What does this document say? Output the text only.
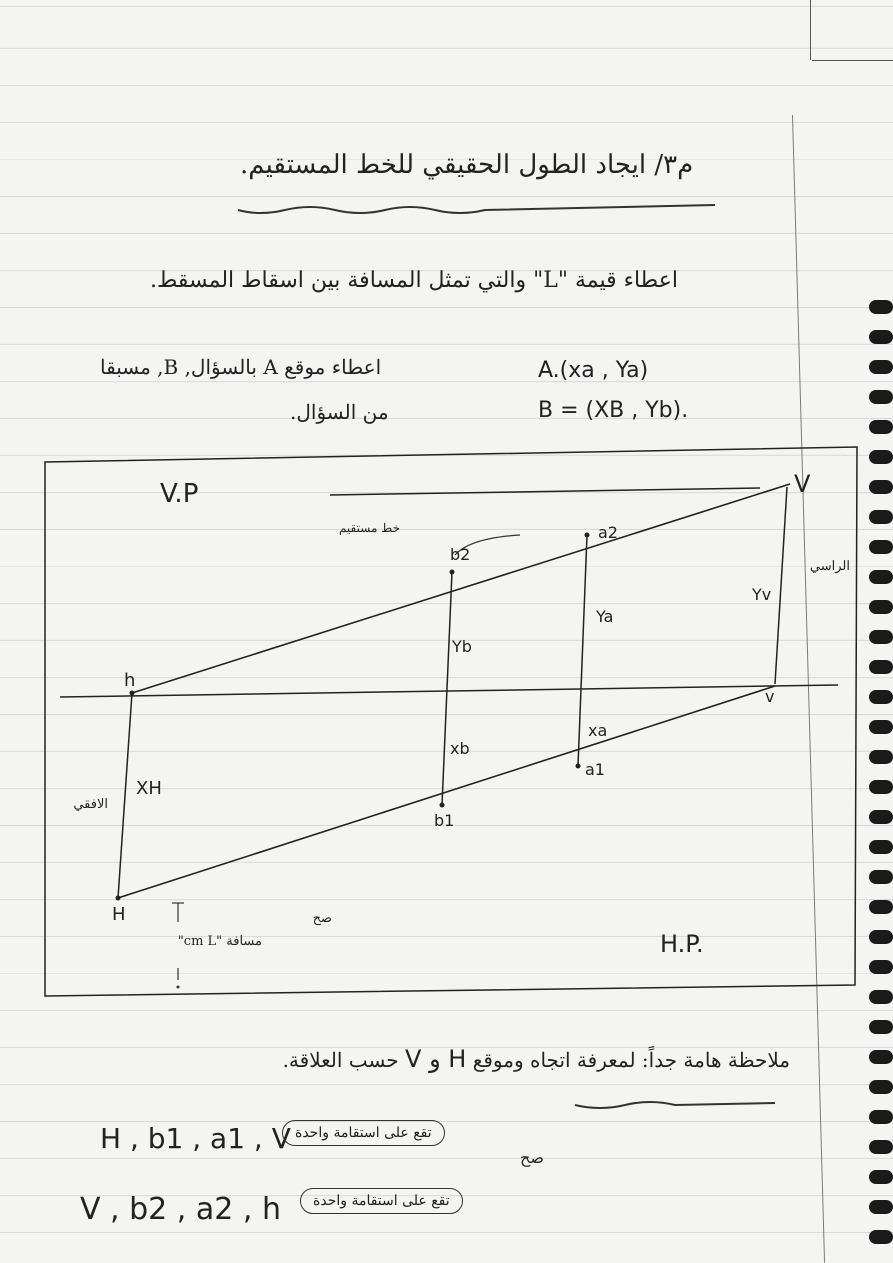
م٣/ ايجاد الطول الحقيقي للخط المستقيم.
اعطاء قيمة "L" والتي تمثل المسافة بين اسقاط المسقط.
اعطاء موقع A بالسؤال, B, مسبقا
من السؤال.
A.(xa , Ya)
B = (XB , Yb).
V.P
H.P.
V
v
h
H
b2
a2
b1
a1
Yb
Ya
xb
xa
Yv
XH
خط مستقيم
الراسي
الافقي
مسافة "cm L"
صح
ملاحظة هامة جداً: لمعرفة اتجاه وموقع H و V حسب العلاقة.
H , b1 , a1 , V تقع على استقامة واحدة
صح
V , b2 , a2 , h	تقع على استقامة واحدة
